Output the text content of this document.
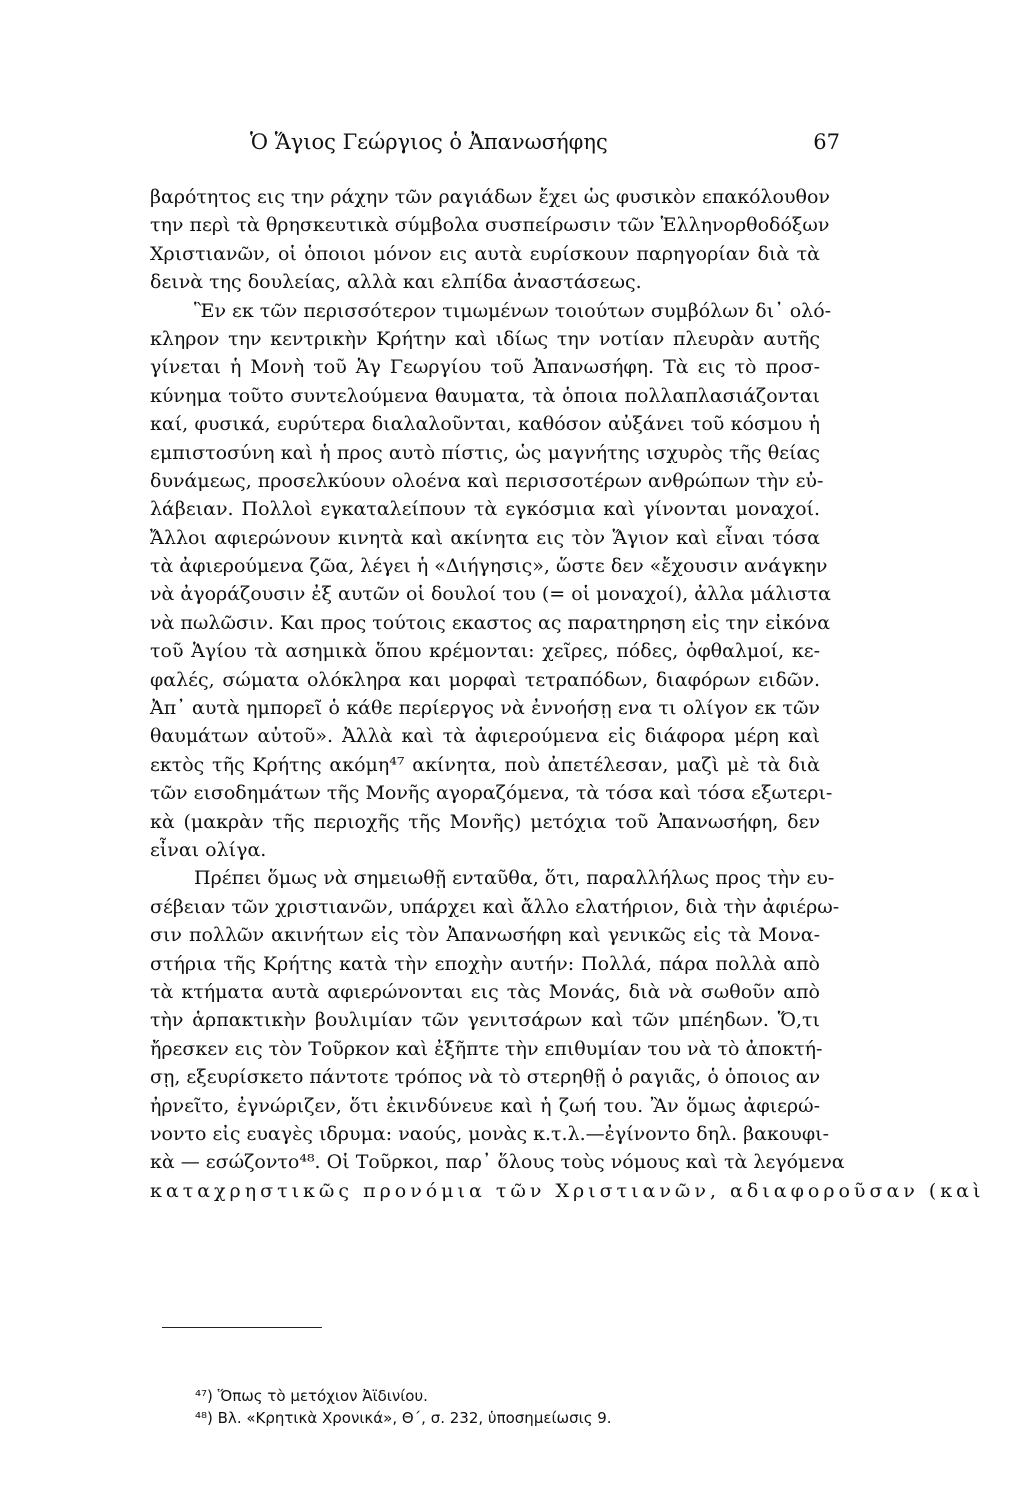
Ὁ Ἅγιος Γεώργιος ὁ Ἀπανωσήφης	67
βαρότητος εις την ράχην τῶν ραγιάδων ἔχει ὡς φυσικὸν επακόλουθον
την περὶ τὰ θρησκευτικὰ σύμβολα συσπείρωσιν τῶν Ἑλληνορθοδόξων
Χριστιανῶν, οἱ ὁποιοι μόνον εις αυτὰ ευρίσκουν παρηγορίαν διὰ τὰ
δεινὰ της δουλείας, αλλὰ και ελπίδα ἀναστάσεως.
Ἓν εκ τῶν περισσότερον τιμωμένων τοιούτων συμβόλων δι᾽ ολό-
κληρον την κεντρικὴν Κρήτην καὶ ιδίως την νοτίαν πλευρὰν αυτῆς
γίνεται ἡ Μονὴ τοῦ Ἁγ Γεωργίου τοῦ Ἀπανωσήφη. Τὰ εις τὸ προσ-
κύνημα τοῦτο συντελούμενα θαυματα, τὰ ὁποια πολλαπλασιάζονται
καί, φυσικά, ευρύτερα διαλαλοῦνται, καθόσον αὐξάνει τοῦ κόσμου ἡ
εμπιστοσύνη καὶ ἡ προς αυτὸ πίστις, ὡς μαγνήτης ισχυρὸς τῆς θείας
δυνάμεως, προσελκύουν ολοένα καὶ περισσοτέρων ανθρώπων τὴν εὐ-
λάβειαν. Πολλοὶ εγκαταλείπουν τὰ εγκόσμια καὶ γίνονται μοναχοί.
Ἄλλοι αφιερώνουν κινητὰ καὶ ακίνητα εις τὸν Ἅγιον καὶ εἶναι τόσα
τὰ ἀφιερούμενα ζῶα, λέγει ἡ «Διήγησις», ὥστε δεν «ἔχουσιν ανάγκην
νὰ ἀγοράζουσιν ἐξ αυτῶν οἱ δουλοί του (= οἱ μοναχοί), ἀλλα μάλιστα
νὰ πωλῶσιν. Και προς τούτοις εκαστος ας παρατηρηση εἰς την εἰκόνα
τοῦ Ἁγίου τὰ ασημικὰ ὅπου κρέμονται: χεῖρες, πόδες, ὀφθαλμοί, κε-
φαλές, σώματα ολόκληρα και μορφαὶ τετραπόδων, διαφόρων ειδῶν.
Ἀπ᾽ αυτὰ ημπορεῖ ὁ κάθε περίεργος νὰ ἐννοήσῃ ενα τι ολίγον εκ τῶν
θαυμάτων αὐτοῦ». Ἀλλὰ καὶ τὰ ἀφιερούμενα εἰς διάφορα μέρη καὶ
εκτὸς τῆς Κρήτης ακόμη⁴⁷ ακίνητα, ποὺ ἀπετέλεσαν, μαζὶ μὲ τὰ διὰ
τῶν εισοδημάτων τῆς Μονῆς αγοραζόμενα, τὰ τόσα καὶ τόσα εξωτερι-
κὰ (μακρὰν τῆς περιοχῆς τῆς Μονῆς) μετόχια τοῦ Ἀπανωσήφη, δεν
εἶναι ολίγα.
Πρέπει ὅμως νὰ σημειωθῇ ενταῦθα, ὅτι, παραλλήλως προς τὴν ευ-
σέβειαν τῶν χριστιανῶν, υπάρχει καὶ ἄλλο ελατήριον, διὰ τὴν ἀφιέρω-
σιν πολλῶν ακινήτων εἰς τὸν Ἀπανωσήφη καὶ γενικῶς εἰς τὰ Μονα-
στήρια τῆς Κρήτης κατὰ τὴν εποχὴν αυτήν: Πολλά, πάρα πολλὰ απὸ
τὰ κτήματα αυτὰ αφιερώνονται εις τὰς Μονάς, διὰ νὰ σωθοῦν απὸ
τὴν ἁρπακτικὴν βουλιμίαν τῶν γενιτσάρων καὶ τῶν μπέηδων. Ὅ,τι
ἤρεσκεν εις τὸν Τοῦρκον καὶ ἐξῆπτε τὴν επιθυμίαν του νὰ τὸ ἀποκτή-
σῃ, εξευρίσκετο πάντοτε τρόπος νὰ τὸ στερηθῇ ὁ ραγιᾶς, ὁ ὁποιος αν
ἠρνεῖτο, ἐγνώριζεν, ὅτι ἐκινδύνευε καὶ ἡ ζωή του. Ἂν ὅμως ἀφιερώ-
νοντο εἰς ευαγὲς ιδρυμα: ναούς, μονὰς κ.τ.λ.—ἐγίνοντο δηλ. βακουφι-
κὰ — εσώζοντο⁴⁸. Οἱ Τοῦρκοι, παρ᾽ ὅλους τοὺς νόμους καὶ τὰ λεγόμενα
καταχρηστικῶς προνόμια τῶν Χριστιανῶν, αδιαφοροῦσαν (καὶ
⁴⁷) Ὅπως τὸ μετόχιον Ἀϊδινίου.
⁴⁸) Βλ. «Κρητικὰ Χρονικά», Θ΄, σ. 232, ὑποσημείωσις 9.
